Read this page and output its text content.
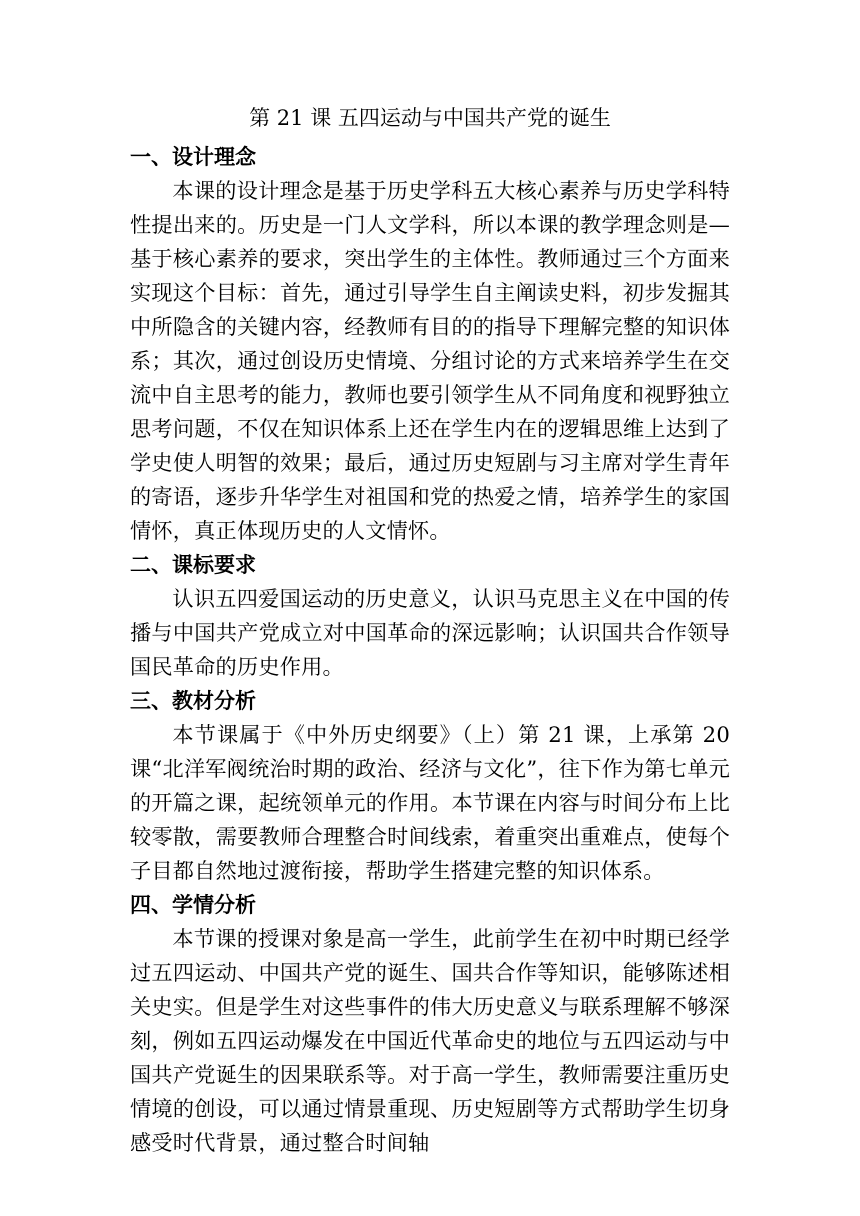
第 21 课 五四运动与中国共产党的诞生
一、设计理念

本课的设计理念是基于历史学科五大核心素养与历史学科特性提出来的。历史是一门人文学科，所以本课的教学理念则是—基于核心素养的要求，突出学生的主体性。教师通过三个方面来实现这个目标：首先，通过引导学生自主阐读史料，初步发掘其中所隐含的关键内容，经教师有目的的指导下理解完整的知识体系；其次，通过创设历史情境、分组讨论的方式来培养学生在交流中自主思考的能力，教师也要引领学生从不同角度和视野独立思考问题，不仅在知识体系上还在学生内在的逻辑思维上达到了学史使人明智的效果；最后，通过历史短剧与习主席对学生青年的寄语，逐步升华学生对祖国和党的热爱之情，培养学生的家国情怀，真正体现历史的人文情怀。

二、课标要求

认识五四爱国运动的历史意义，认识马克思主义在中国的传播与中国共产党成立对中国革命的深远影响；认识国共合作领导国民革命的历史作用。

三、教材分析

本节课属于《中外历史纲要》（上）第 21 课，上承第 20 课“北洋军阀统治时期的政治、经济与文化”，往下作为第七单元的开篇之课，起统领单元的作用。本节课在内容与时间分布上比较零散，需要教师合理整合时间线索，着重突出重难点，使每个子目都自然地过渡衔接，帮助学生搭建完整的知识体系。

四、学情分析

本节课的授课对象是高一学生，此前学生在初中时期已经学过五四运动、中国共产党的诞生、国共合作等知识，能够陈述相关史实。但是学生对这些事件的伟大历史意义与联系理解不够深刻，例如五四运动爆发在中国近代革命史的地位与五四运动与中国共产党诞生的因果联系等。对于高一学生，教师需要注重历史情境的创设，可以通过情景重现、历史短剧等方式帮助学生切身感受时代背景，通过整合时间轴
